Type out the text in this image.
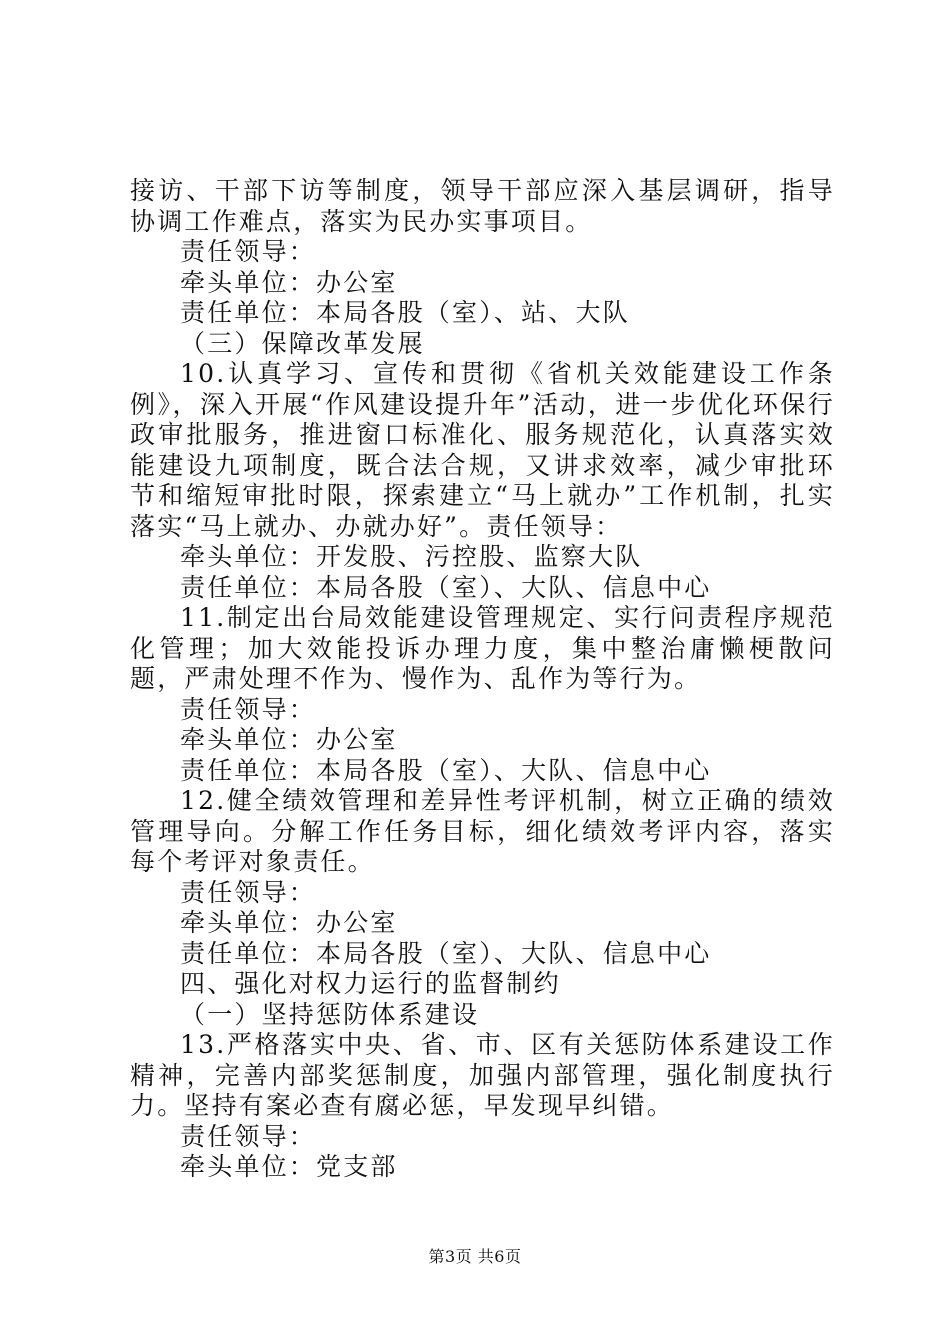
接访、干部下访等制度，领导干部应深入基层调研，指导协调工作难点，落实为民办实事项目。

责任领导：

牵头单位：办公室

责任单位：本局各股（室）、站、大队

（三）保障改革发展

10.认真学习、宣传和贯彻《省机关效能建设工作条例》，深入开展“作风建设提升年”活动，进一步优化环保行政审批服务，推进窗口标准化、服务规范化，认真落实效能建设九项制度，既合法合规，又讲求效率，减少审批环节和缩短审批时限，探索建立“马上就办”工作机制，扎实落实“马上就办、办就办好”。责任领导：

牵头单位：开发股、污控股、监察大队

责任单位：本局各股（室）、大队、信息中心

11.制定出台局效能建设管理规定、实行问责程序规范化管理；加大效能投诉办理力度，集中整治庸懒梗散问题，严肃处理不作为、慢作为、乱作为等行为。

责任领导：

牵头单位：办公室

责任单位：本局各股（室）、大队、信息中心

12.健全绩效管理和差异性考评机制，树立正确的绩效管理导向。分解工作任务目标，细化绩效考评内容，落实每个考评对象责任。

责任领导：

牵头单位：办公室

责任单位：本局各股（室）、大队、信息中心

四、强化对权力运行的监督制约

（一）坚持惩防体系建设

13.严格落实中央、省、市、区有关惩防体系建设工作精神，完善内部奖惩制度，加强内部管理，强化制度执行力。坚持有案必查有腐必惩，早发现早纠错。

责任领导：

牵头单位：党支部

第3页 共6页
